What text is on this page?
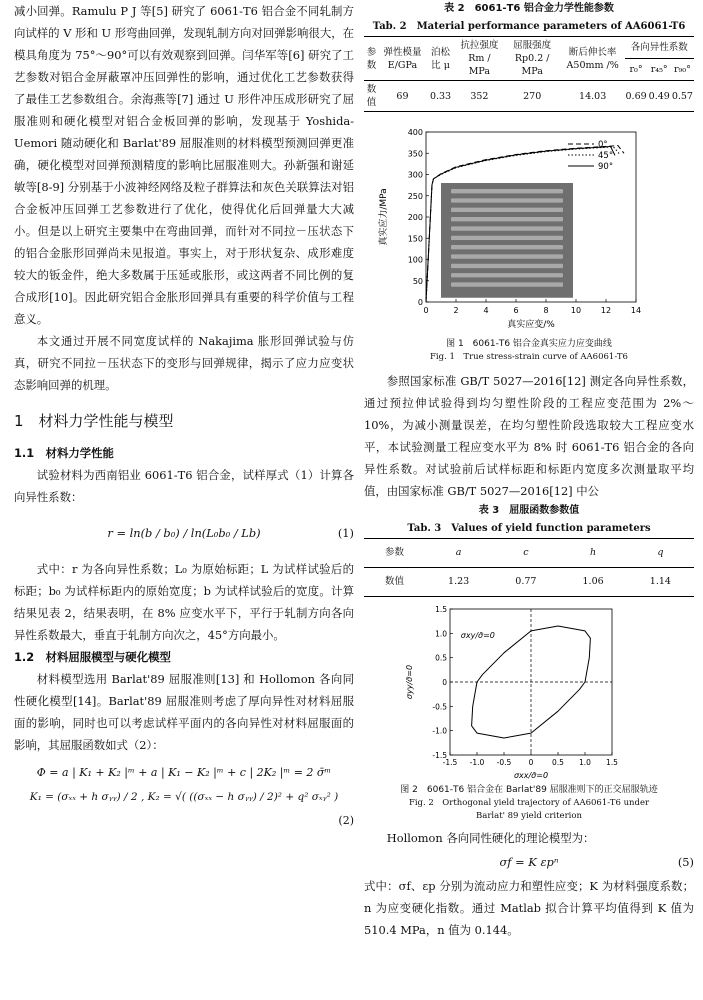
减小回弹。Ramulu P J 等[5] 研究了 6061-T6 铝合金不同轧制方向试样的 V 形和 U 形弯曲回弹，发现轧制方向对回弹影响很大，在模具角度为 75°～90°可以有效观察到回弹。闫华军等[6] 研究了工艺参数对铝合金屏蔽罩冲压回弹性的影响，通过优化工艺参数获得了最佳工艺参数组合。余海燕等[7] 通过 U 形件冲压成形研究了屈服准则和硬化模型对铝合金板回弹的影响，发现基于 Yoshida-Uemori 随动硬化和 Barlat'89 屈服准则的材料模型预测回弹更准确，硬化模型对回弹预测精度的影响比屈服准则大。孙新强和谢延敏等[8-9] 分别基于小波神经网络及粒子群算法和灰色关联算法对铝合金板冲压回弹工艺参数进行了优化，使得优化后回弹量大大减小。但是以上研究主要集中在弯曲回弹，而针对不同拉－压状态下的铝合金胀形回弹尚未见报道。事实上，对于形状复杂、成形难度较大的钣金件，绝大多数属于压延或胀形，或这两者不同比例的复合成形[10]。因此研究铝合金胀形回弹具有重要的科学价值与工程意义。

本文通过开展不同宽度试样的 Nakajima 胀形回弹试验与仿真，研究不同拉－压状态下的变形与回弹规律，揭示了应力应变状态影响回弹的机理。

1　材料力学性能与模型
1.1　材料力学性能

试验材料为西南铝业 6061-T6 铝合金，试样厚式（1）计算各向异性系数：

r = ln(b / b₀) / ln(L₀b₀ / Lb)	(1)

式中：r 为各向异性系数；L₀ 为原始标距；L 为试样试验后的标距；b₀ 为试样标距内的原始宽度；b 为试样试验后的宽度。计算结果见表 2，结果表明，在 8% 应变水平下，平行于轧制方向各向异性系数最大，垂直于轧制方向次之，45°方向最小。

1.2　材料屈服模型与硬化模型

材料模型选用 Barlat'89 屈服准则[13] 和 Hollomon 各向同性硬化模型[14]。Barlat'89 屈服准则考虑了厚向异性对材料屈服面的影响，同时也可以考虑试样平面内的各向异性对材料屈服面的影响，其屈服函数如式（2）：

Φ = a | K₁ + K₂ |ᵐ + a | K₁ − K₂ |ᵐ + c | 2K₂ |ᵐ = 2 σ̄ᵐ
K₁ = (σₓₓ + h σᵧᵧ) / 2 , K₂ = √( ((σₓₓ − h σᵧᵧ) / 2)² + q² σₓᵧ² )
(2)
表 2　6061-T6 铝合金力学性能参数
Tab. 2　Material performance parameters of AA6061-T6
参数	弹性模量 E/GPa	泊松比 μ	抗拉强度 Rm / MPa	屈服强度 Rp0.2 / MPa	断后伸长率 A50mm /%	各向异性系数		
						r₀°	r₄₅°	r₉₀°
数值	69	0.33	352	270	14.03	0.69	0.49	0.57
0	2	4	6	8	10 12 14
0
50
100
150
200
250
300
350
400
真实应变/%
真实应力/MPa
0°
45°
90°
图 1　6061-T6 铝合金真实应力应变曲线
Fig. 1　True stress-strain curve of AA6061-T6

参照国家标准 GB/T 5027—2016[12] 测定各向异性系数，通过预拉伸试验得到均匀塑性阶段的工程应变范围为 2%～10%，为减小测量误差，在均匀塑性阶段选取较大工程应变水平，本试验测量工程应变水平为 8% 时 6061-T6 铝合金的各向异性系数。对试验前后试样标距和标距内宽度多次测量取平均值，由国家标准 GB/T 5027—2016[12] 中公

表 3　屈服函数参数值
Tab. 3　Values of yield function parameters
参数	a	c	h	q
数值	1.23	0.77	1.06	1.14
-1.5 -1.0 -0.5 0 0.5 1.0 1.5
-1.5
-1.0
-0.5
0
0.5
1.0
1.5
σxx/σ̄=0
σyy/σ̄=0
σxy/σ̄=0
图 2　6061-T6 铝合金在 Barlat'89 屈服准则下的正交屈服轨迹
Fig. 2　Orthogonal yield trajectory of AA6061-T6 under
Barlat' 89 yield criterion

Hollomon 各向同性硬化的理论模型为：

σf = K εpⁿ	(5)

式中：σf、εp 分别为流动应力和塑性应变；K 为材料强度系数；n 为应变硬化指数。通过 Matlab 拟合计算平均值得到 K 值为 510.4 MPa，n 值为 0.144。
